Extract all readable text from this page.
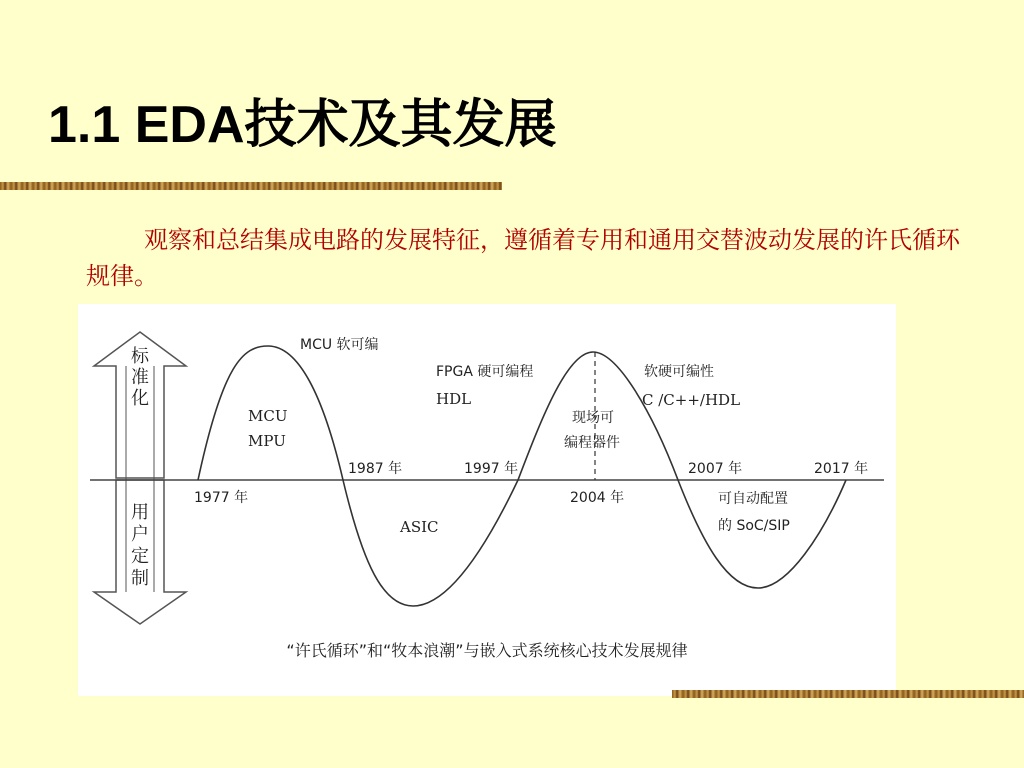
1.1 EDA技术及其发展
观察和总结集成电路的发展特征，遵循着专用和通用交替波动发展的许氏循环规律。
标
准
化
用
户
定
制
MCU 软可编
MCU
MPU
FPGA 硬可编程
HDL
现场可
编程器件
软硬可编性
C /C++/HDL
ASIC
可自动配置
的 SoC/SIP
1977 年
1987 年	1997 年
2004 年
2007 年	2017 年
“许氏循环”和“牧本浪潮”与嵌入式系统核心技术发展规律
